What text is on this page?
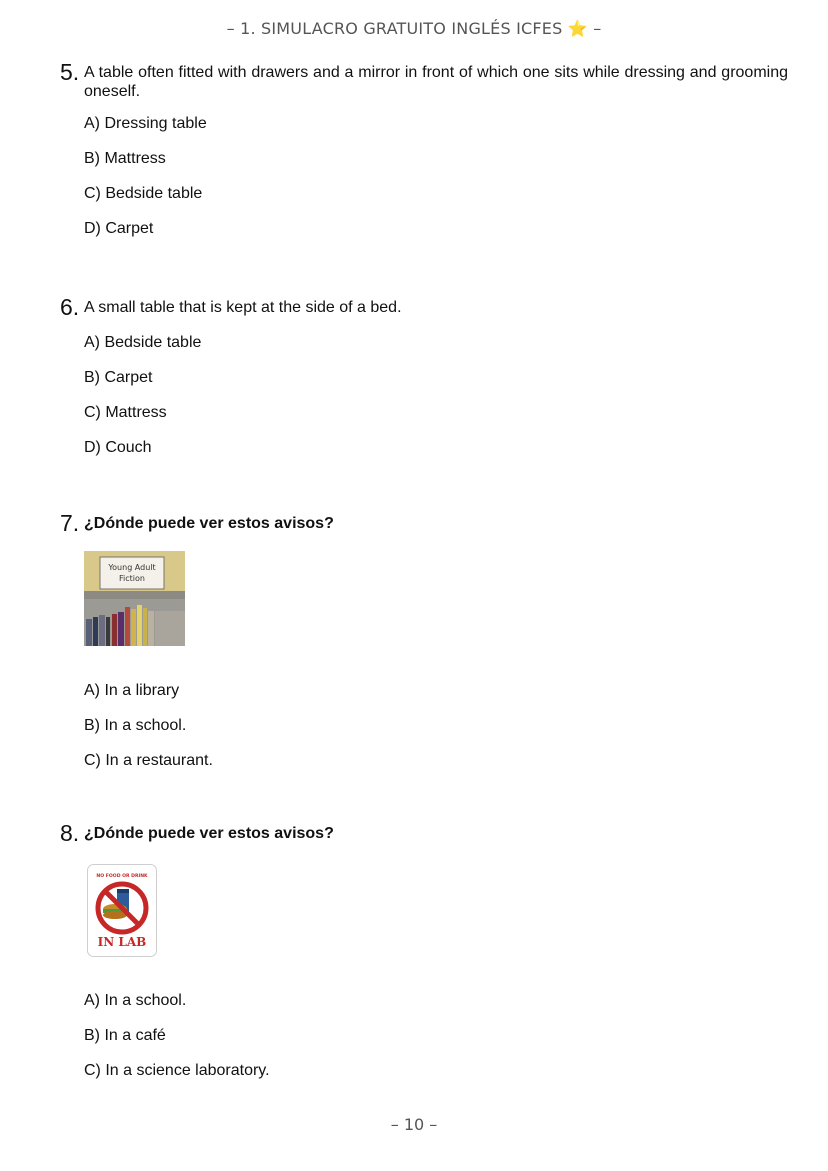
– 1. SIMULACRO GRATUITO INGLÉS ICFES ⭐ –
5. A table often fitted with drawers and a mirror in front of which one sits while dressing and grooming oneself.
A) Dressing table
B) Mattress
C) Bedside table
D) Carpet
6. A small table that is kept at the side of a bed.
A) Bedside table
B) Carpet
C) Mattress
D) Couch
7. ¿Dónde puede ver estos avisos?
Young Adult
Fiction
A) In a library
B) In a school.
C) In a restaurant.
8. ¿Dónde puede ver estos avisos?
NO FOOD OR DRINK
IN LAB
A) In a school.
B) In a café
C) In a science laboratory.
– 10 –
